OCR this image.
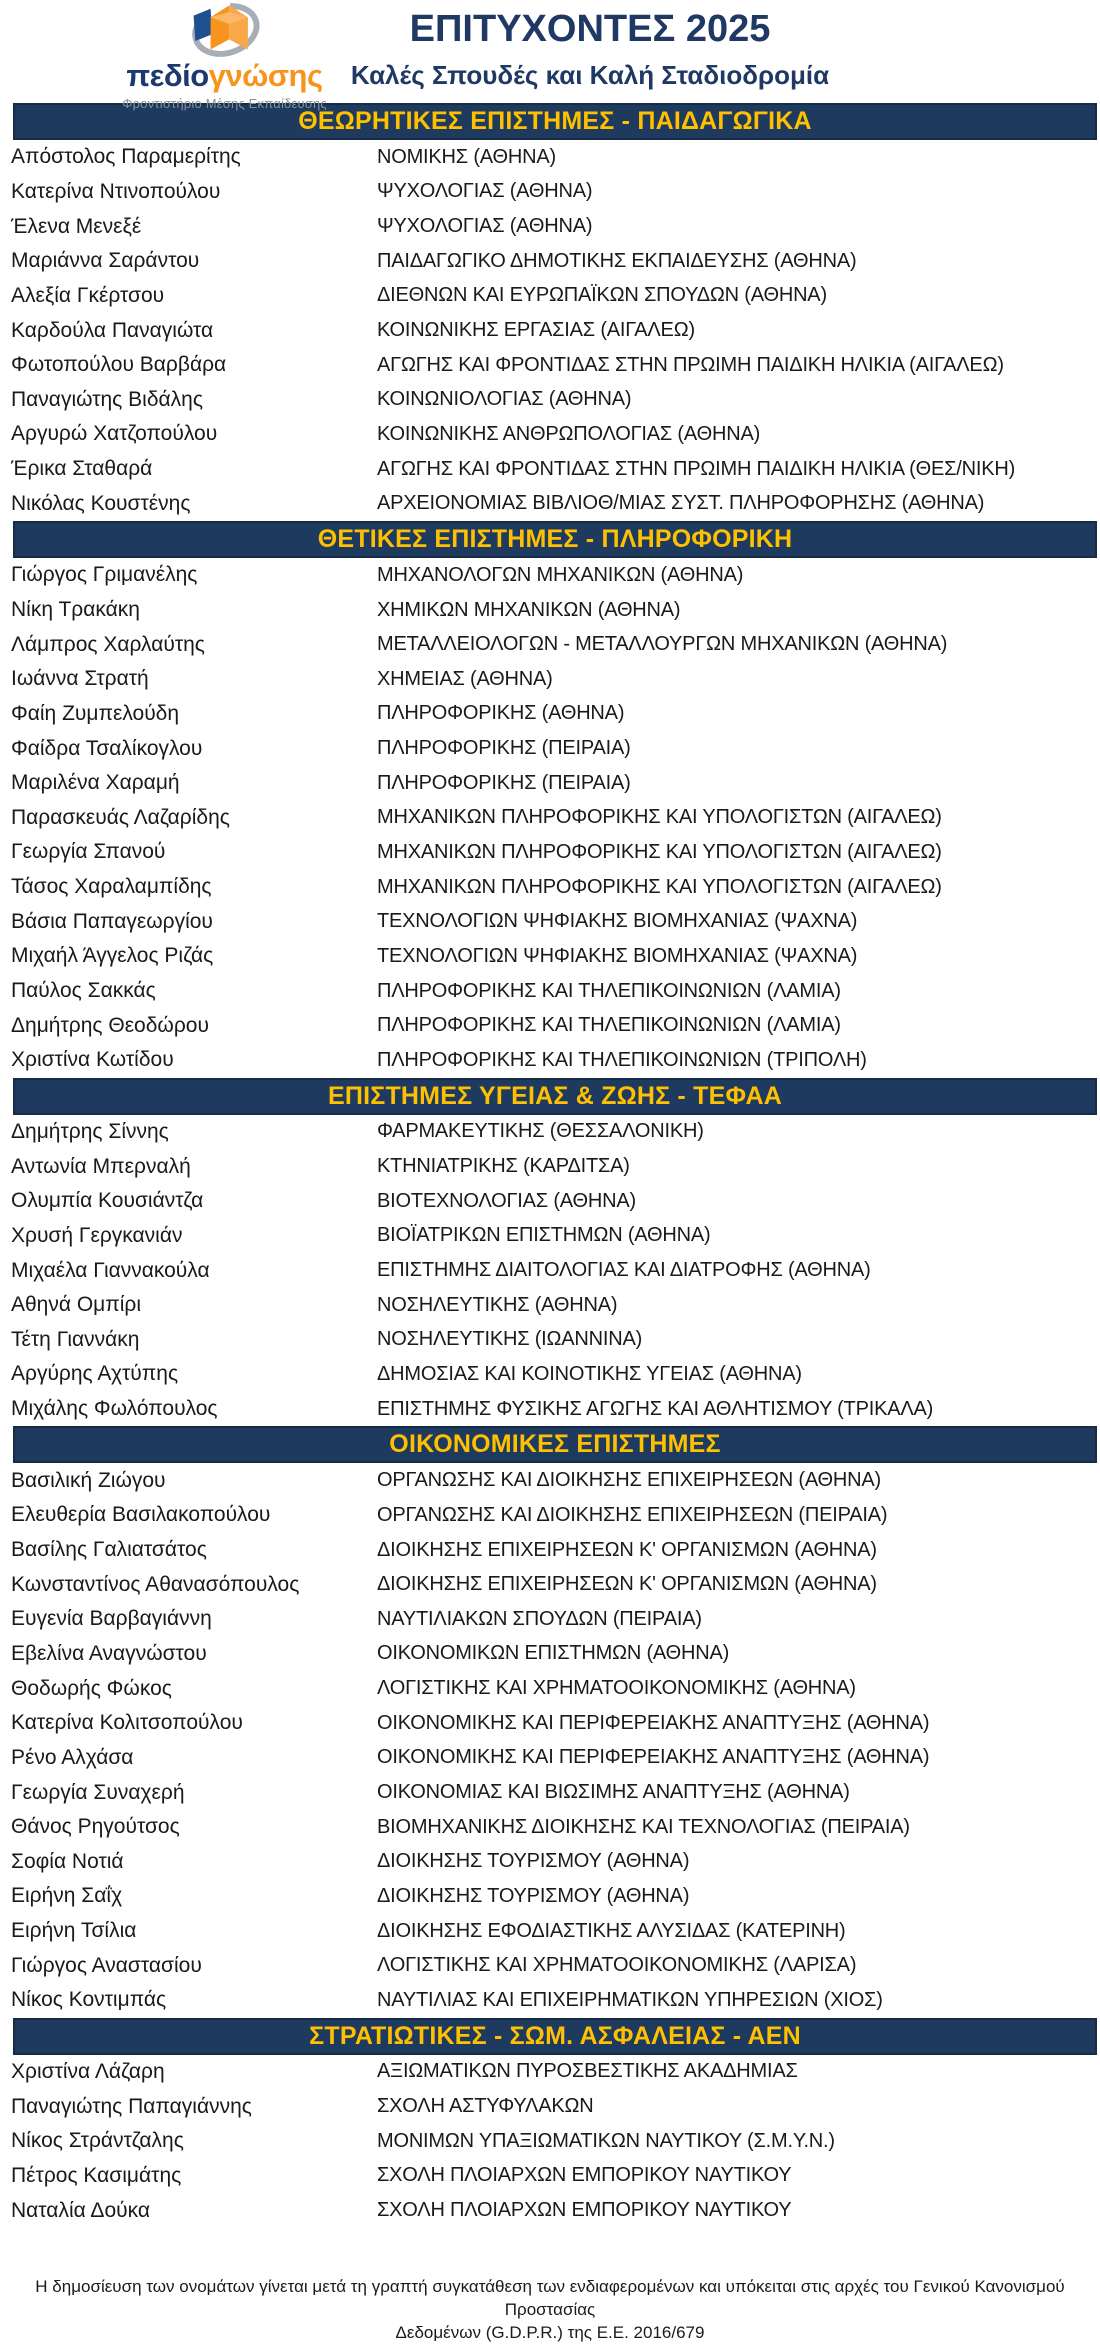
πεδίογνώσης
Φροντιστήριο Μέσης Εκπαίδευσης
ΕΠΙΤΥΧΟΝΤΕΣ 2025
Καλές Σπουδές και Καλή Σταδιοδρομία
ΘΕΩΡΗΤΙΚΕΣ ΕΠΙΣΤΗΜΕΣ - ΠΑΙΔΑΓΩΓΙΚΑ
Απόστολος Παραμερίτης	ΝΟΜΙΚΗΣ (ΑΘΗΝΑ)
Κατερίνα Ντινοπούλου	ΨΥΧΟΛΟΓΙΑΣ (ΑΘΗΝΑ)
Έλενα Μενεξέ	ΨΥΧΟΛΟΓΙΑΣ (ΑΘΗΝΑ)
Μαριάννα Σαράντου	ΠΑΙΔΑΓΩΓΙΚΟ ΔΗΜΟΤΙΚΗΣ ΕΚΠΑΙΔΕΥΣΗΣ (ΑΘΗΝΑ)
Αλεξία Γκέρτσου	ΔΙΕΘΝΩΝ ΚΑΙ ΕΥΡΩΠΑΪΚΩΝ ΣΠΟΥΔΩΝ (ΑΘΗΝΑ)
Καρδούλα Παναγιώτα	ΚΟΙΝΩΝΙΚΗΣ ΕΡΓΑΣΙΑΣ (ΑΙΓΑΛΕΩ)
Φωτοπούλου Βαρβάρα	ΑΓΩΓΗΣ ΚΑΙ ΦΡΟΝΤΙΔΑΣ ΣΤΗΝ ΠΡΩΙΜΗ ΠΑΙΔΙΚΗ ΗΛΙΚΙΑ (ΑΙΓΑΛΕΩ)
Παναγιώτης Βιδάλης	ΚΟΙΝΩΝΙΟΛΟΓΙΑΣ (ΑΘΗΝΑ)
Αργυρώ Χατζοπούλου	ΚΟΙΝΩΝΙΚΗΣ ΑΝΘΡΩΠΟΛΟΓΙΑΣ (ΑΘΗΝΑ)
Έρικα Σταθαρά	ΑΓΩΓΗΣ ΚΑΙ ΦΡΟΝΤΙΔΑΣ ΣΤΗΝ ΠΡΩΙΜΗ ΠΑΙΔΙΚΗ ΗΛΙΚΙΑ (ΘΕΣ/ΝΙΚΗ)
Νικόλας Κουστένης	ΑΡΧΕΙΟΝΟΜΙΑΣ ΒΙΒΛΙΟΘ/ΜΙΑΣ ΣΥΣΤ. ΠΛΗΡΟΦΟΡΗΣΗΣ (ΑΘΗΝΑ)
ΘΕΤΙΚΕΣ ΕΠΙΣΤΗΜΕΣ - ΠΛΗΡΟΦΟΡΙΚΗ
Γιώργος Γριμανέλης	ΜΗΧΑΝΟΛΟΓΩΝ ΜΗΧΑΝΙΚΩΝ (ΑΘΗΝΑ)
Νίκη Τρακάκη	ΧΗΜΙΚΩΝ ΜΗΧΑΝΙΚΩΝ (ΑΘΗΝΑ)
Λάμπρος Χαρλαύτης	ΜΕΤΑΛΛΕΙΟΛΟΓΩΝ - ΜΕΤΑΛΛΟΥΡΓΩΝ ΜΗΧΑΝΙΚΩΝ (ΑΘΗΝΑ)
Ιωάννα Στρατή	ΧΗΜΕΙΑΣ (ΑΘΗΝΑ)
Φαίη Ζυμπελούδη	ΠΛΗΡΟΦΟΡΙΚΗΣ (ΑΘΗΝΑ)
Φαίδρα Τσαλίκογλου	ΠΛΗΡΟΦΟΡΙΚΗΣ (ΠΕΙΡΑΙΑ)
Μαριλένα Χαραμή	ΠΛΗΡΟΦΟΡΙΚΗΣ (ΠΕΙΡΑΙΑ)
Παρασκευάς Λαζαρίδης	ΜΗΧΑΝΙΚΩΝ ΠΛΗΡΟΦΟΡΙΚΗΣ ΚΑΙ ΥΠΟΛΟΓΙΣΤΩΝ (ΑΙΓΑΛΕΩ)
Γεωργία Σπανού	ΜΗΧΑΝΙΚΩΝ ΠΛΗΡΟΦΟΡΙΚΗΣ ΚΑΙ ΥΠΟΛΟΓΙΣΤΩΝ (ΑΙΓΑΛΕΩ)
Τάσος Χαραλαμπίδης	ΜΗΧΑΝΙΚΩΝ ΠΛΗΡΟΦΟΡΙΚΗΣ ΚΑΙ ΥΠΟΛΟΓΙΣΤΩΝ (ΑΙΓΑΛΕΩ)
Βάσια Παπαγεωργίου	ΤΕΧΝΟΛΟΓΙΩΝ ΨΗΦΙΑΚΗΣ ΒΙΟΜΗΧΑΝΙΑΣ (ΨΑΧΝΑ)
Μιχαήλ Άγγελος Ριζάς	ΤΕΧΝΟΛΟΓΙΩΝ ΨΗΦΙΑΚΗΣ ΒΙΟΜΗΧΑΝΙΑΣ (ΨΑΧΝΑ)
Παύλος Σακκάς	ΠΛΗΡΟΦΟΡΙΚΗΣ ΚΑΙ ΤΗΛΕΠΙΚΟΙΝΩΝΙΩΝ (ΛΑΜΙΑ)
Δημήτρης Θεοδώρου	ΠΛΗΡΟΦΟΡΙΚΗΣ ΚΑΙ ΤΗΛΕΠΙΚΟΙΝΩΝΙΩΝ (ΛΑΜΙΑ)
Χριστίνα Κωτίδου	ΠΛΗΡΟΦΟΡΙΚΗΣ ΚΑΙ ΤΗΛΕΠΙΚΟΙΝΩΝΙΩΝ (ΤΡΙΠΟΛΗ)
ΕΠΙΣΤΗΜΕΣ ΥΓΕΙΑΣ & ΖΩΗΣ - ΤΕΦΑΑ
Δημήτρης Σίννης	ΦΑΡΜΑΚΕΥΤΙΚΗΣ (ΘΕΣΣΑΛΟΝΙΚΗ)
Αντωνία Μπερναλή	ΚΤΗΝΙΑΤΡΙΚΗΣ (ΚΑΡΔΙΤΣΑ)
Ολυμπία Κουσιάντζα	ΒΙΟΤΕΧΝΟΛΟΓΙΑΣ (ΑΘΗΝΑ)
Χρυσή Γεργκανιάν	ΒΙΟΪΑΤΡΙΚΩΝ ΕΠΙΣΤΗΜΩΝ (ΑΘΗΝΑ)
Μιχαέλα Γιαννακούλα	ΕΠΙΣΤΗΜΗΣ ΔΙΑΙΤΟΛΟΓΙΑΣ ΚΑΙ ΔΙΑΤΡΟΦΗΣ (ΑΘΗΝΑ)
Αθηνά Ομπίρι	ΝΟΣΗΛΕΥΤΙΚΗΣ (ΑΘΗΝΑ)
Τέτη Γιαννάκη	ΝΟΣΗΛΕΥΤΙΚΗΣ (ΙΩΑΝΝΙΝΑ)
Αργύρης Αχτύπης	ΔΗΜΟΣΙΑΣ ΚΑΙ ΚΟΙΝΟΤΙΚΗΣ ΥΓΕΙΑΣ (ΑΘΗΝΑ)
Μιχάλης Φωλόπουλος	ΕΠΙΣΤΗΜΗΣ ΦΥΣΙΚΗΣ ΑΓΩΓΗΣ ΚΑΙ ΑΘΛΗΤΙΣΜΟΥ (ΤΡΙΚΑΛΑ)
ΟΙΚΟΝΟΜΙΚΕΣ ΕΠΙΣΤΗΜΕΣ
Βασιλική Ζιώγου	ΟΡΓΑΝΩΣΗΣ ΚΑΙ ΔΙΟΙΚΗΣΗΣ ΕΠΙΧΕΙΡΗΣΕΩΝ (ΑΘΗΝΑ)
Ελευθερία Βασιλακοπούλου	ΟΡΓΑΝΩΣΗΣ ΚΑΙ ΔΙΟΙΚΗΣΗΣ ΕΠΙΧΕΙΡΗΣΕΩΝ (ΠΕΙΡΑΙΑ)
Βασίλης Γαλιατσάτος	ΔΙΟΙΚΗΣΗΣ ΕΠΙΧΕΙΡΗΣΕΩΝ Κ' ΟΡΓΑΝΙΣΜΩΝ (ΑΘΗΝΑ)
Κωνσταντίνος Αθανασόπουλος	ΔΙΟΙΚΗΣΗΣ ΕΠΙΧΕΙΡΗΣΕΩΝ Κ' ΟΡΓΑΝΙΣΜΩΝ (ΑΘΗΝΑ)
Ευγενία Βαρβαγιάννη	ΝΑΥΤΙΛΙΑΚΩΝ ΣΠΟΥΔΩΝ (ΠΕΙΡΑΙΑ)
Εβελίνα Αναγνώστου	ΟΙΚΟΝΟΜΙΚΩΝ ΕΠΙΣΤΗΜΩΝ (ΑΘΗΝΑ)
Θοδωρής Φώκος	ΛΟΓΙΣΤΙΚΗΣ ΚΑΙ ΧΡΗΜΑΤΟΟΙΚΟΝΟΜΙΚΗΣ (ΑΘΗΝΑ)
Κατερίνα Κολιτσοπούλου	ΟΙΚΟΝΟΜΙΚΗΣ ΚΑΙ ΠΕΡΙΦΕΡΕΙΑΚΗΣ ΑΝΑΠΤΥΞΗΣ (ΑΘΗΝΑ)
Ρένο Αλχάσα	ΟΙΚΟΝΟΜΙΚΗΣ ΚΑΙ ΠΕΡΙΦΕΡΕΙΑΚΗΣ ΑΝΑΠΤΥΞΗΣ (ΑΘΗΝΑ)
Γεωργία Συναχερή	ΟΙΚΟΝΟΜΙΑΣ ΚΑΙ ΒΙΩΣΙΜΗΣ ΑΝΑΠΤΥΞΗΣ (ΑΘΗΝΑ)
Θάνος Ρηγούτσος	ΒΙΟΜΗΧΑΝΙΚΗΣ ΔΙΟΙΚΗΣΗΣ ΚΑΙ ΤΕΧΝΟΛΟΓΙΑΣ (ΠΕΙΡΑΙΑ)
Σοφία Νοτιά	ΔΙΟΙΚΗΣΗΣ ΤΟΥΡΙΣΜΟΥ (ΑΘΗΝΑ)
Ειρήνη Σαΐχ	ΔΙΟΙΚΗΣΗΣ ΤΟΥΡΙΣΜΟΥ (ΑΘΗΝΑ)
Ειρήνη Τσίλια	ΔΙΟΙΚΗΣΗΣ ΕΦΟΔΙΑΣΤΙΚΗΣ ΑΛΥΣΙΔΑΣ (ΚΑΤΕΡΙΝΗ)
Γιώργος Αναστασίου	ΛΟΓΙΣΤΙΚΗΣ ΚΑΙ ΧΡΗΜΑΤΟΟΙΚΟΝΟΜΙΚΗΣ (ΛΑΡΙΣΑ)
Νίκος Κοντιμπάς	ΝΑΥΤΙΛΙΑΣ ΚΑΙ ΕΠΙΧΕΙΡΗΜΑΤΙΚΩΝ ΥΠΗΡΕΣΙΩΝ (ΧΙΟΣ)
ΣΤΡΑΤΙΩΤΙΚΕΣ - ΣΩΜ. ΑΣΦΑΛΕΙΑΣ - ΑΕΝ
Χριστίνα Λάζαρη	ΑΞΙΩΜΑΤΙΚΩΝ ΠΥΡΟΣΒΕΣΤΙΚΗΣ ΑΚΑΔΗΜΙΑΣ
Παναγιώτης Παπαγιάννης	ΣΧΟΛΗ ΑΣΤΥΦΥΛΑΚΩΝ
Νίκος Στράντζαλης	ΜΟΝΙΜΩΝ ΥΠΑΞΙΩΜΑΤΙΚΩΝ ΝΑΥΤΙΚΟΥ (Σ.Μ.Υ.Ν.)
Πέτρος Κασιμάτης	ΣΧΟΛΗ ΠΛΟΙΑΡΧΩΝ ΕΜΠΟΡΙΚΟΥ ΝΑΥΤΙΚΟΥ
Ναταλία Δούκα	ΣΧΟΛΗ ΠΛΟΙΑΡΧΩΝ ΕΜΠΟΡΙΚΟΥ ΝΑΥΤΙΚΟΥ
Η δημοσίευση των ονομάτων γίνεται μετά τη γραπτή συγκατάθεση των ενδιαφερομένων και υπόκειται στις αρχές του Γενικού Κανονισμού Προστασίας
Δεδομένων (G.D.P.R.) της Ε.Ε. 2016/679
